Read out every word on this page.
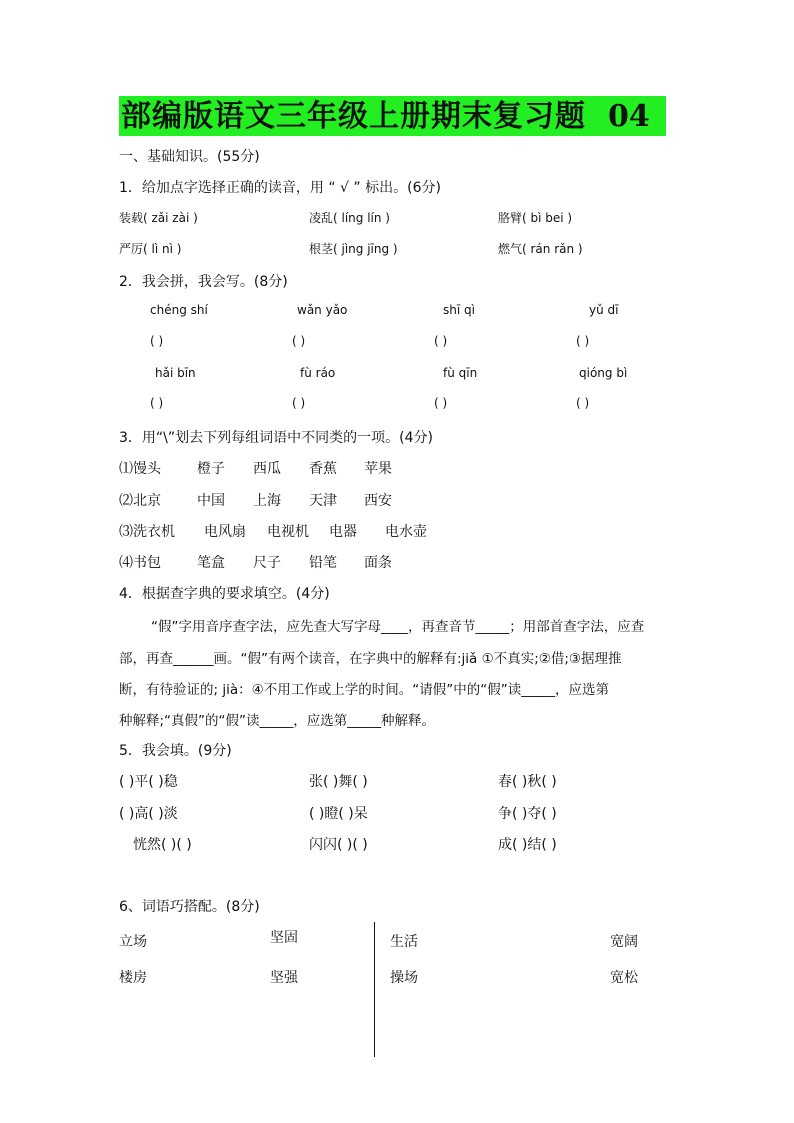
部编版语文三年级上册期末复习题 04
一、基础知识。(55分)
1．给加点字选择正确的读音，用 “ √ ” 标出。(6分)
装载( zǎi zài )	凌乱( líng lín )	胳臂( bì bei )
严厉( lì nì )	根茎( jìng jīng )	燃气( rán rǎn )
2．我会拼，我会写。(8分)
chéng shí	wǎn yǎo	shī qì	yǔ dī
( )	( )	( )	( )
hǎi bīn	fù ráo	fù qīn	qióng bì
( )	( )	( )	( )
3．用“\”划去下列每组词语中不同类的一项。(4分)
⑴馒头	橙子 西瓜 香蕉 苹果
⑵北京	中国 上海 天津 西安
⑶洗衣机 电风扇 电视机 电器 电水壶
⑷书包	笔盒 尺子 铅笔 面条
4．根据查字典的要求填空。(4分)
“假”字用音序查字法，应先查大写字母____，再查音节_____；用部首查字法，应查
部，再查______画。“假”有两个读音，在字典中的解释有:jiǎ ①不真实;②借;③据理推
断，有待验证的; jià：④不用工作或上学的时间。“请假”中的“假”读_____，应选第
种解释;“真假”的“假”读_____，应选第_____种解释。
5．我会填。(9分)
( )平( )稳	张( )舞( )	春( )秋( )
( )高( )淡	( )瞪( )呆	争( )夺( )
恍然( )( )	闪闪( )( )	成( )结( )
6、词语巧搭配。(8分)
立场	坚固
楼房	坚强
生活	宽阔
操场	宽松
